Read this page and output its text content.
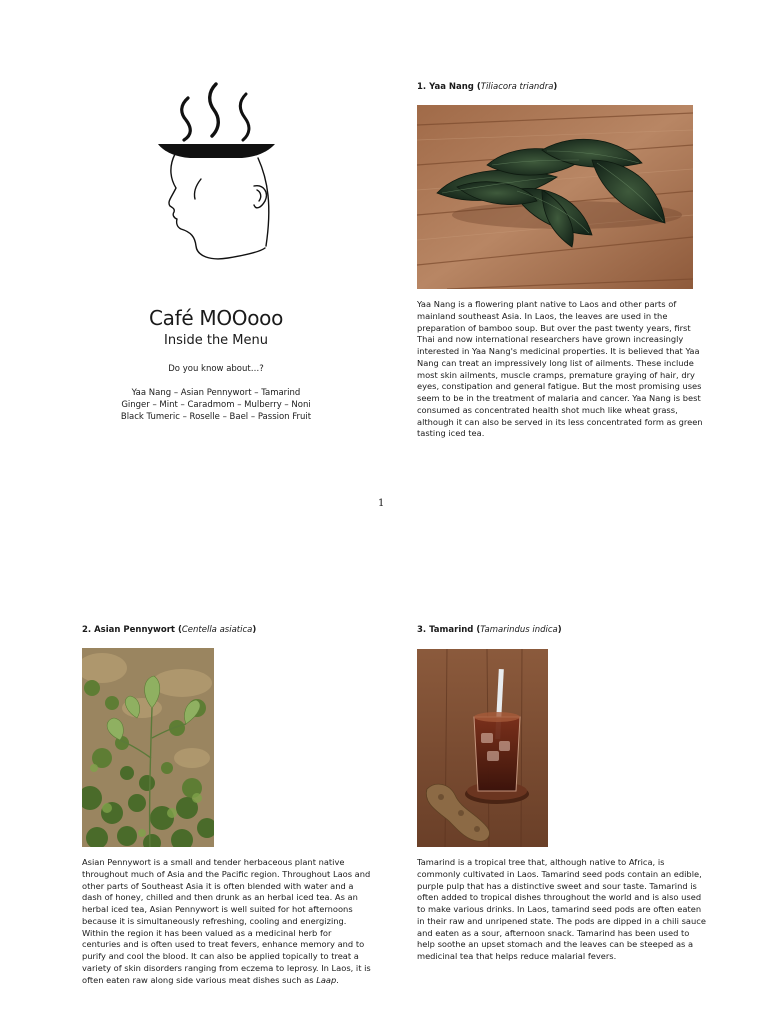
Café MOOooo
Inside the Menu
Do you know about…?
Yaa Nang – Asian Pennywort – Tamarind
Ginger – Mint – Caradmom – Mulberry – Noni
Black Tumeric – Roselle – Bael – Passion Fruit
1. Yaa Nang (Tiliacora triandra)
Yaa Nang is a flowering plant native to Laos and other parts of mainland southeast Asia. In Laos, the leaves are used in the preparation of bamboo soup. But over the past twenty years, first Thai and now international researchers have grown increasingly interested in Yaa Nang's medicinal properties. It is believed that Yaa Nang can treat an impressively long list of ailments. These include most skin ailments, muscle cramps, premature graying of hair, dry eyes, constipation and general fatigue. But the most promising uses seem to be in the treatment of malaria and cancer. Yaa Nang is best consumed as concentrated health shot much like wheat grass, although it can also be served in its less concentrated form as green tasting iced tea.
1
2. Asian Pennywort (Centella asiatica)
Asian Pennywort is a small and tender herbaceous plant native throughout much of Asia and the Pacific region. Throughout Laos and other parts of Southeast Asia it is often blended with water and a dash of honey, chilled and then drunk as an herbal iced tea. As an herbal iced tea, Asian Pennywort is well suited for hot afternoons because it is simultaneously refreshing, cooling and energizing. Within the region it has been valued as a medicinal herb for centuries and is often used to treat fevers, enhance memory and to purify and cool the blood. It can also be applied topically to treat a variety of skin disorders ranging from eczema to leprosy. In Laos, it is often eaten raw along side various meat dishes such as Laap.
3. Tamarind (Tamarindus indica)
Tamarind is a tropical tree that, although native to Africa, is commonly cultivated in Laos. Tamarind seed pods contain an edible, purple pulp that has a distinctive sweet and sour taste. Tamarind is often added to tropical dishes throughout the world and is also used to make various drinks. In Laos, tamarind seed pods are often eaten in their raw and unripened state. The pods are dipped in a chili sauce and eaten as a sour, afternoon snack. Tamarind has been used to help soothe an upset stomach and the leaves can be steeped as a medicinal tea that helps reduce malarial fevers.
